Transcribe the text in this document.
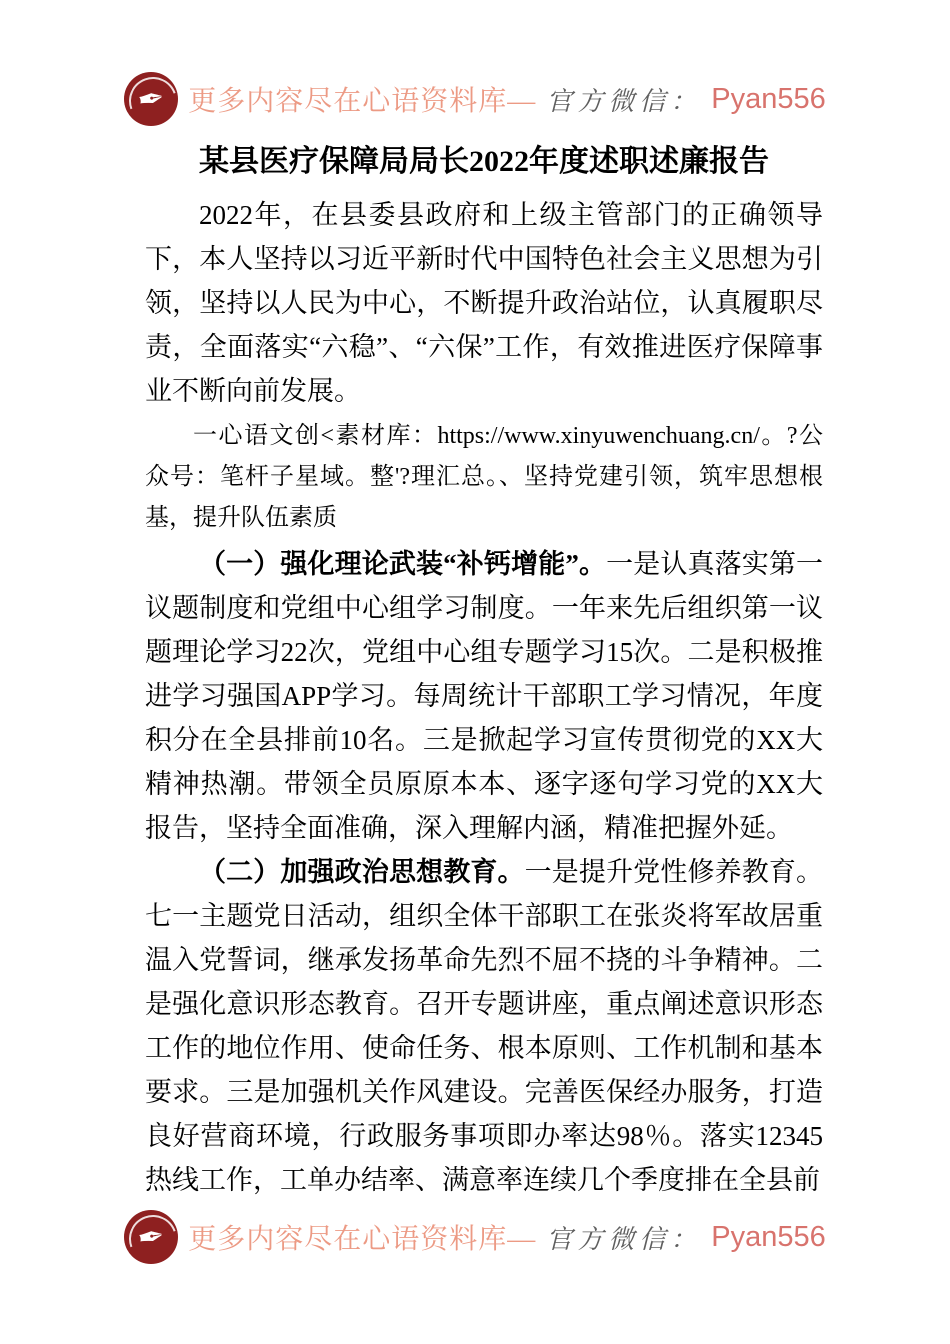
✒
更多内容尽在心语资料库— 官方微信： Pyan556
某县医疗保障局局长2022年度述职述廉报告

2022年，在县委县政府和上级主管部门的正确领导下，本人坚持以习近平新时代中国特色社会主义思想为引领，坚持以人民为中心，不断提升政治站位，认真履职尽责，全面落实“六稳”、“六保”工作，有效推进医疗保障事业不断向前发展。

一心语文创<素材库：https://www.xinyuwenchuang.cn/。?公众号：笔杆子星域。整'?理汇总。、坚持党建引领，筑牢思想根基，提升队伍素质

（一）强化理论武装“补钙增能”。一是认真落实第一议题制度和党组中心组学习制度。一年来先后组织第一议题理论学习22次，党组中心组专题学习15次。二是积极推进学习强国APP学习。每周统计干部职工学习情况，年度积分在全县排前10名。三是掀起学习宣传贯彻党的XX大精神热潮。带领全员原原本本、逐字逐句学习党的XX大报告，坚持全面准确，深入理解内涵，精准把握外延。

（二）加强政治思想教育。一是提升党性修养教育。七一主题党日活动，组织全体干部职工在张炎将军故居重温入党誓词，继承发扬革命先烈不屈不挠的斗争精神。二是强化意识形态教育。召开专题讲座，重点阐述意识形态工作的地位作用、使命任务、根本原则、工作机制和基本要求。三是加强机关作风建设。完善医保经办服务，打造良好营商环境，行政服务事项即办率达98％。落实12345热线工作，工单办结率、满意率连续几个季度排在全县前

✒
更多内容尽在心语资料库— 官方微信： Pyan556
